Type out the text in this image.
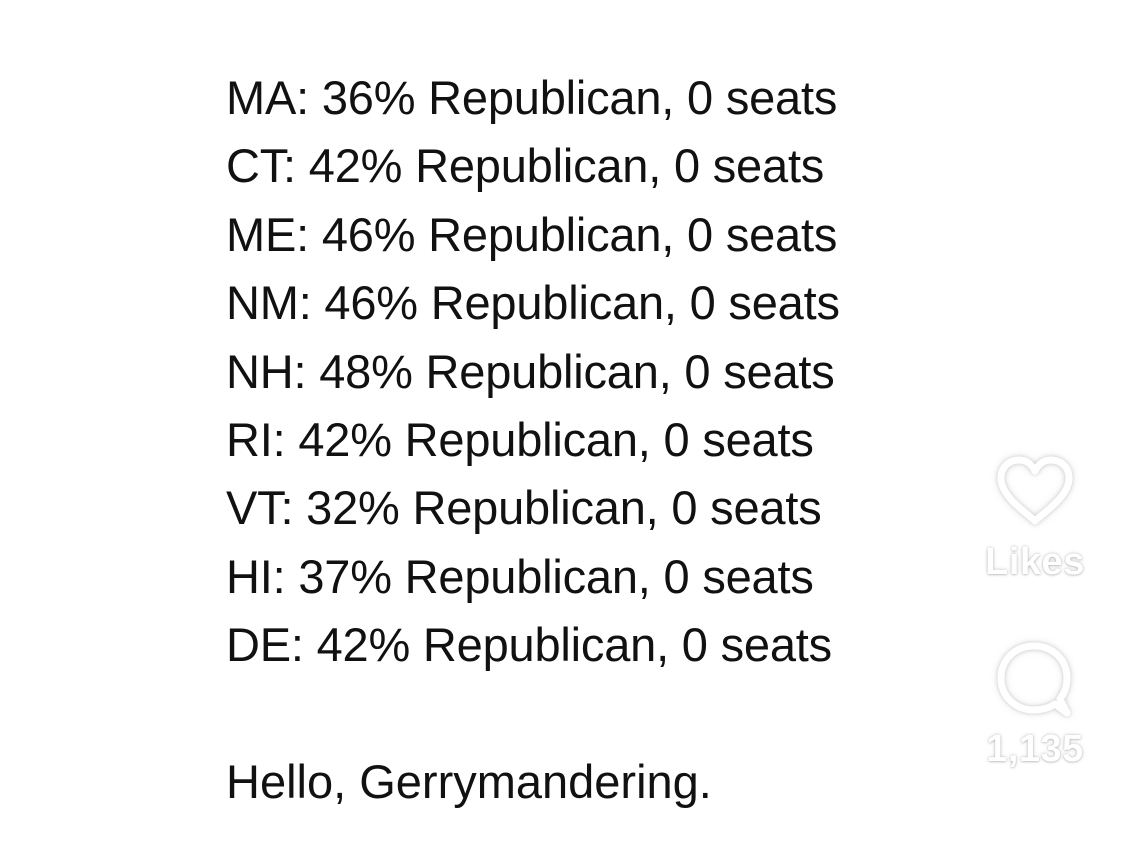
MA: 36% Republican, 0 seats
CT: 42% Republican, 0 seats
ME: 46% Republican, 0 seats
NM: 46% Republican, 0 seats
NH: 48% Republican, 0 seats
RI: 42% Republican, 0 seats
VT: 32% Republican, 0 seats
HI: 37% Republican, 0 seats
DE: 42% Republican, 0 seats
Hello, Gerrymandering.
Likes
1,135
